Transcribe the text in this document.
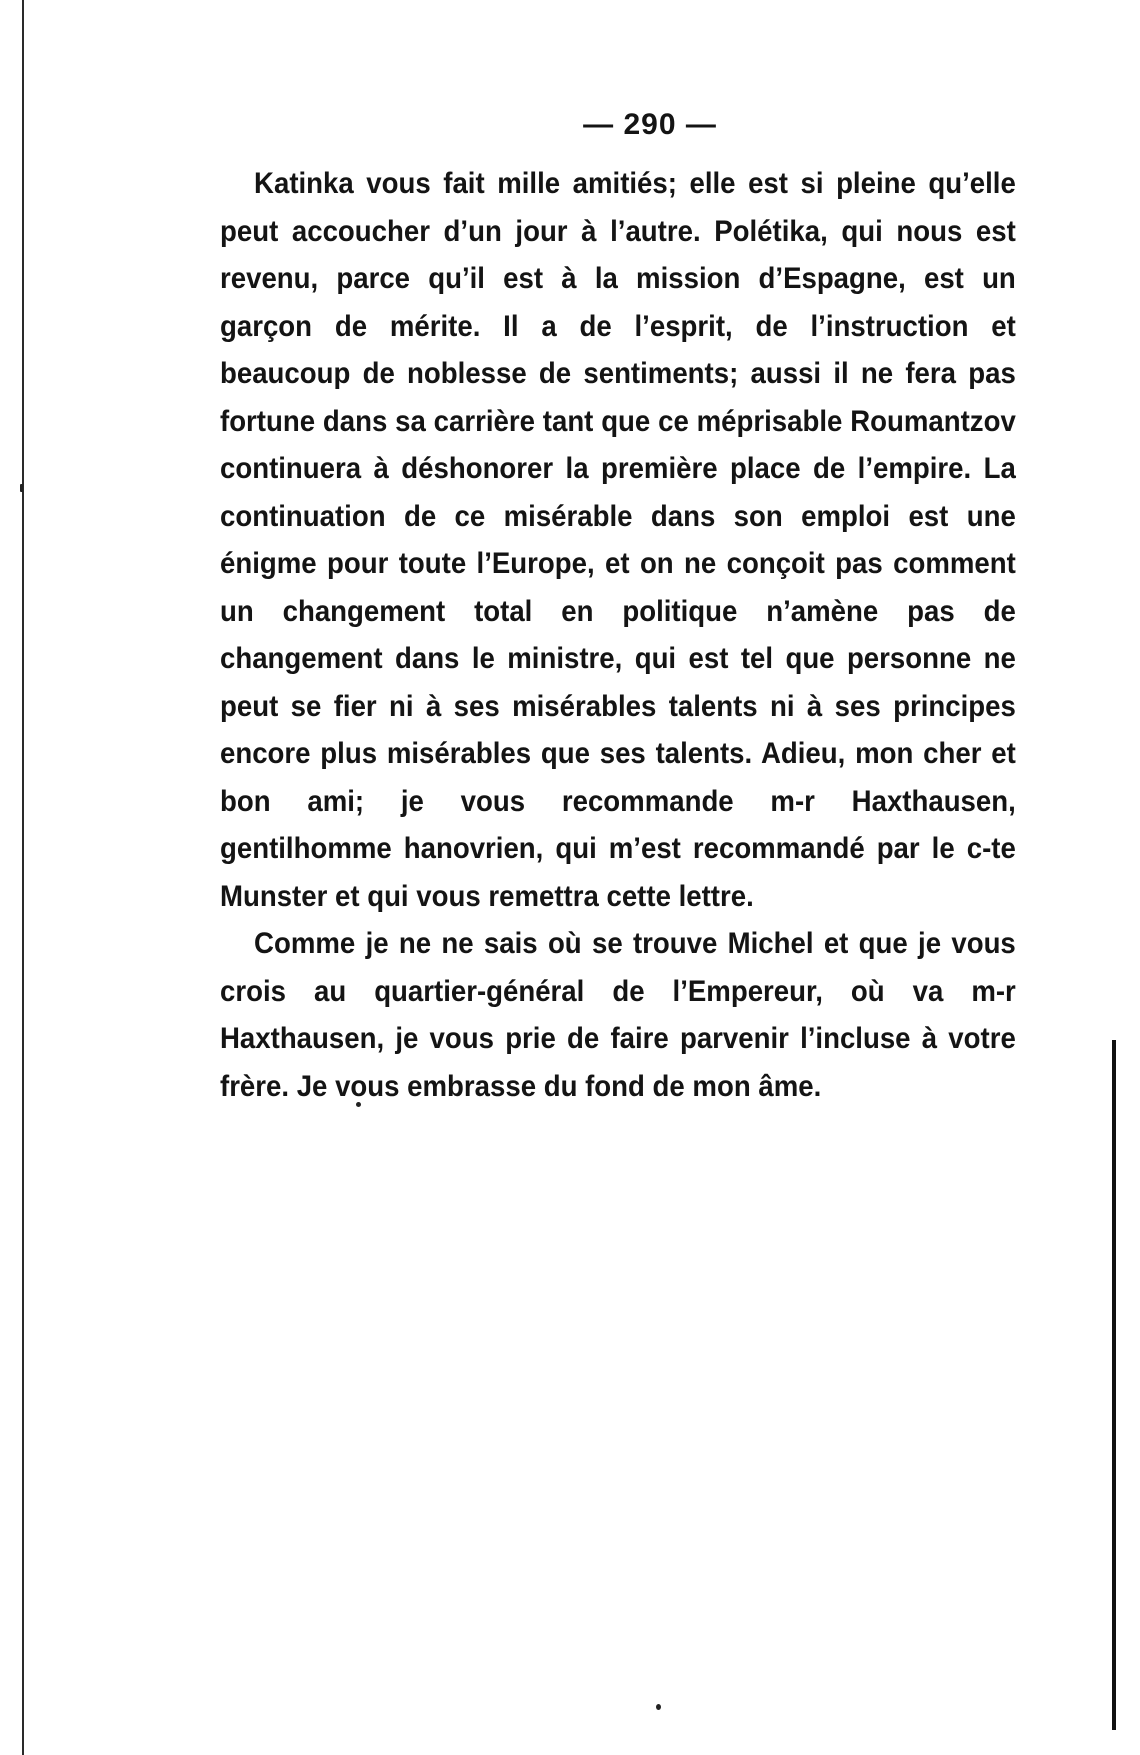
— 290 —

Katinka vous fait mille amitiés; elle est si pleine qu’elle peut accoucher d’un jour à l’autre. Polétika, qui nous est revenu, parce qu’il est à la mission d’Espagne, est un garçon de mérite. Il a de l’esprit, de l’instruction et beaucoup de noblesse de sentiments; aussi il ne fera pas fortune dans sa carrière tant que ce méprisable Roumantzov continuera à déshonorer la première place de l’empire. La continuation de ce misérable dans son emploi est une énigme pour toute l’Europe, et on ne conçoit pas comment un changement total en politique n’amène pas de changement dans le ministre, qui est tel que personne ne peut se fier ni à ses misérables talents ni à ses principes encore plus misérables que ses talents. Adieu, mon cher et bon ami; je vous recommande m-r Haxthausen, gentilhomme hanovrien, qui m’est recommandé par le c-te Munster et qui vous remettra cette lettre.

Comme je ne ne sais où se trouve Michel et que je vous crois au quartier-général de l’Empereur, où va m-r Haxthausen, je vous prie de faire parvenir l’incluse à votre frère. Je vous embrasse du fond de mon âme.
